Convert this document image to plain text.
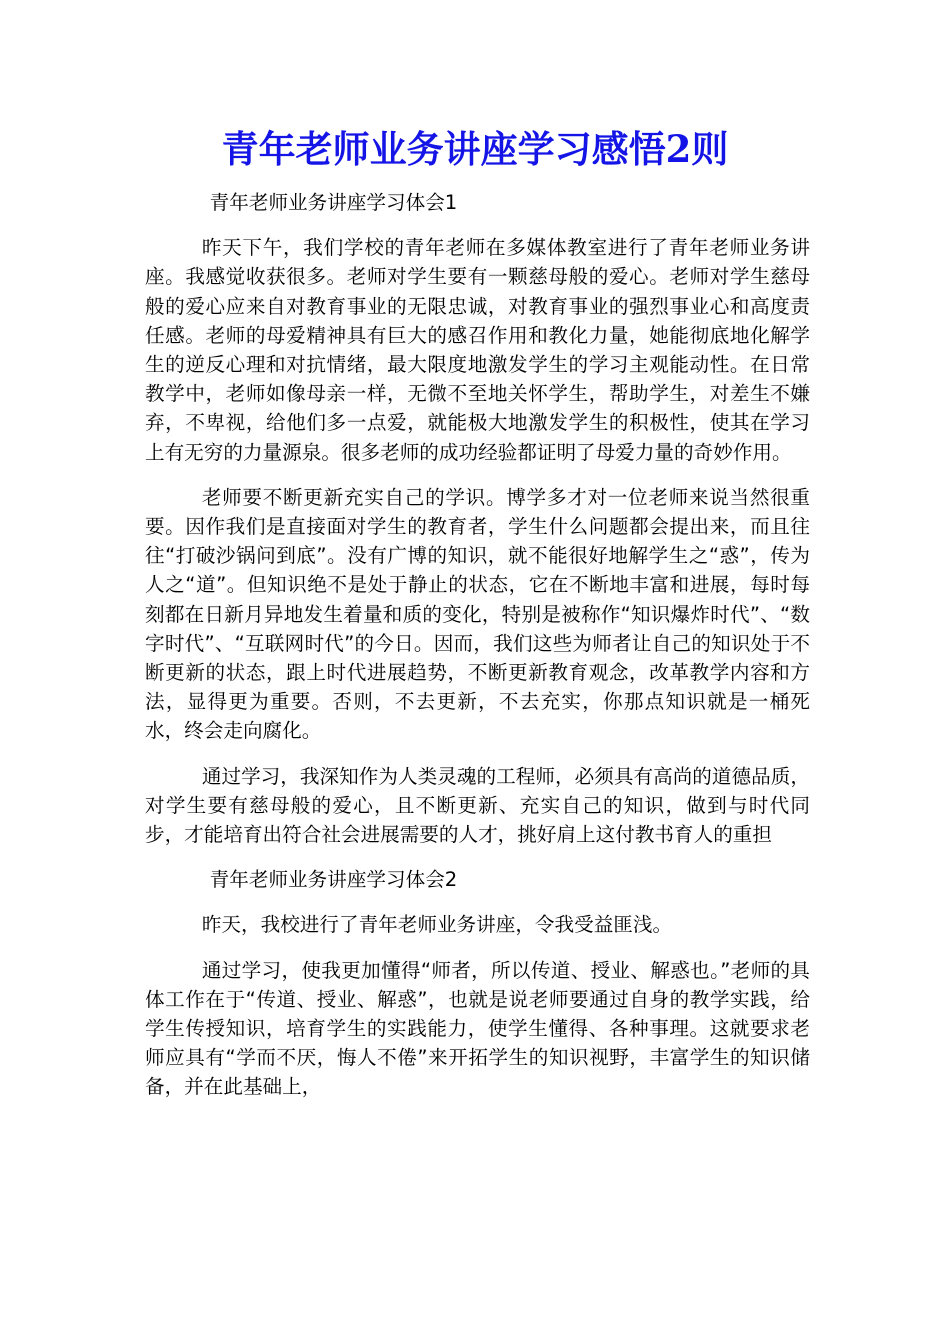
青年老师业务讲座学习感悟2则

青年老师业务讲座学习体会1

昨天下午，我们学校的青年老师在多媒体教室进行了青年老师业务讲座。我感觉收获很多。老师对学生要有一颗慈母般的爱心。老师对学生慈母般的爱心应来自对教育事业的无限忠诚，对教育事业的强烈事业心和高度责任感。老师的母爱精神具有巨大的感召作用和教化力量，她能彻底地化解学生的逆反心理和对抗情绪，最大限度地激发学生的学习主观能动性。在日常教学中，老师如像母亲一样，无微不至地关怀学生，帮助学生，对差生不嫌弃，不卑视，给他们多一点爱，就能极大地激发学生的积极性，使其在学习上有无穷的力量源泉。很多老师的成功经验都证明了母爱力量的奇妙作用。

老师要不断更新充实自己的学识。博学多才对一位老师来说当然很重要。因作我们是直接面对学生的教育者，学生什么问题都会提出来，而且往往“打破沙锅问到底”。没有广博的知识，就不能很好地解学生之“惑”，传为人之“道”。但知识绝不是处于静止的状态，它在不断地丰富和进展，每时每刻都在日新月异地发生着量和质的变化，特别是被称作“知识爆炸时代”、“数字时代”、“互联网时代”的今日。因而，我们这些为师者让自己的知识处于不断更新的状态，跟上时代进展趋势，不断更新教育观念，改革教学内容和方法，显得更为重要。否则，不去更新，不去充实，你那点知识就是一桶死水，终会走向腐化。

通过学习，我深知作为人类灵魂的工程师，必须具有高尚的道德品质，对学生要有慈母般的爱心，且不断更新、充实自己的知识，做到与时代同步，才能培育出符合社会进展需要的人才，挑好肩上这付教书育人的重担

青年老师业务讲座学习体会2

昨天，我校进行了青年老师业务讲座，令我受益匪浅。

通过学习，使我更加懂得“师者，所以传道、授业、解惑也。”老师的具体工作在于“传道、授业、解惑”，也就是说老师要通过自身的教学实践，给学生传授知识，培育学生的实践能力，使学生懂得、各种事理。这就要求老师应具有“学而不厌，悔人不倦”来开拓学生的知识视野，丰富学生的知识储备，并在此基础上，
